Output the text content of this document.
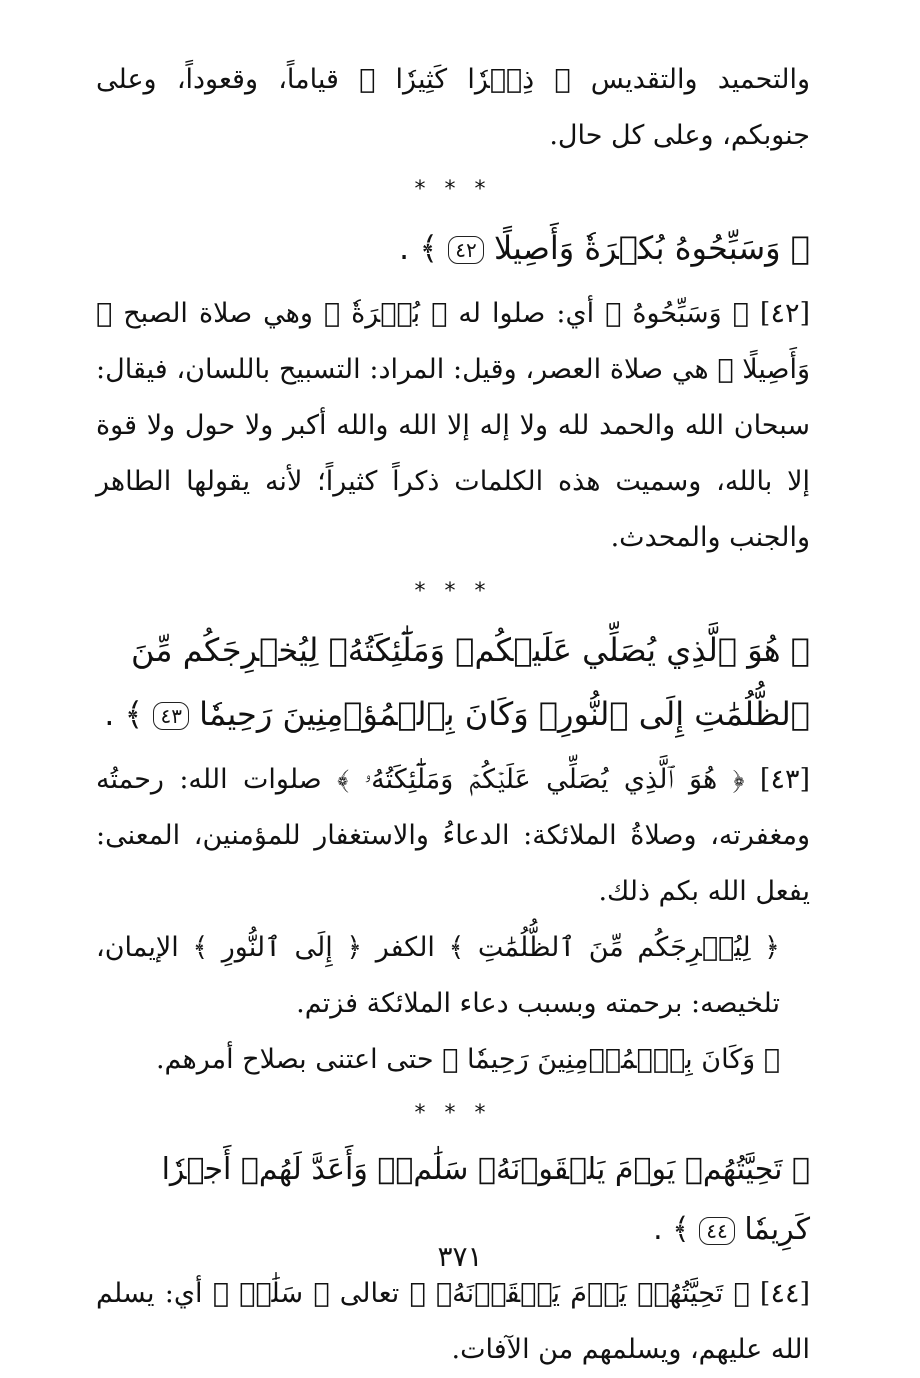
والتحميد والتقديس ﴿ ذِكۡرٗا كَثِيرٗا ﴾ قياماً، وقعوداً، وعلى جنوبكم، وعلى كل حال.

* * *

﴿ وَسَبِّحُوهُ بُكۡرَةٗ وَأَصِيلًا ٤٢ ﴾ .

[٤٢] ﴿ وَسَبِّحُوهُ ﴾ أي: صلوا له ﴿ بُكۡرَةٗ ﴾ وهي صلاة الصبح ﴿ وَأَصِيلًا ﴾ هي صلاة العصر، وقيل: المراد: التسبيح باللسان، فيقال: سبحان الله والحمد لله ولا إله إلا الله والله أكبر ولا حول ولا قوة إلا بالله، وسميت هذه الكلمات ذكراً كثيراً؛ لأنه يقولها الطاهر والجنب والمحدث.

* * *

﴿ هُوَ ٱلَّذِي يُصَلِّي عَلَيۡكُمۡ وَمَلَٰٓئِكَتُهُۥ لِيُخۡرِجَكُم مِّنَ ٱلظُّلُمَٰتِ إِلَى ٱلنُّورِۚ وَكَانَ بِٱلۡمُؤۡمِنِينَ رَحِيمٗا ٤٣ ﴾ .

[٤٣] ﴿ هُوَ ٱلَّذِي يُصَلِّي عَلَيۡكُمۡ وَمَلَٰٓئِكَتُهُۥ ﴾ صلوات الله: رحمتُه ومغفرته، وصلاةُ الملائكة: الدعاءُ والاستغفار للمؤمنين، المعنى: يفعل الله بكم ذلك.

﴿ لِيُخۡرِجَكُم مِّنَ ٱلظُّلُمَٰتِ ﴾ الكفر ﴿ إِلَى ٱلنُّورِ ﴾ الإيمان، تلخيصه: برحمته وبسبب دعاء الملائكة فزتم.

﴿ وَكَانَ بِٱلۡمُؤۡمِنِينَ رَحِيمٗا ﴾ حتى اعتنى بصلاح أمرهم.

* * *

﴿ تَحِيَّتُهُمۡ يَوۡمَ يَلۡقَوۡنَهُۥ سَلَٰمٞۚ وَأَعَدَّ لَهُمۡ أَجۡرٗا كَرِيمٗا ٤٤ ﴾ .

[٤٤] ﴿ تَحِيَّتُهُمۡ يَوۡمَ يَلۡقَوۡنَهُۥ ﴾ تعالى ﴿ سَلَٰمٞ ﴾ أي: يسلم الله عليهم، ويسلمهم من الآفات.

٣٧١
